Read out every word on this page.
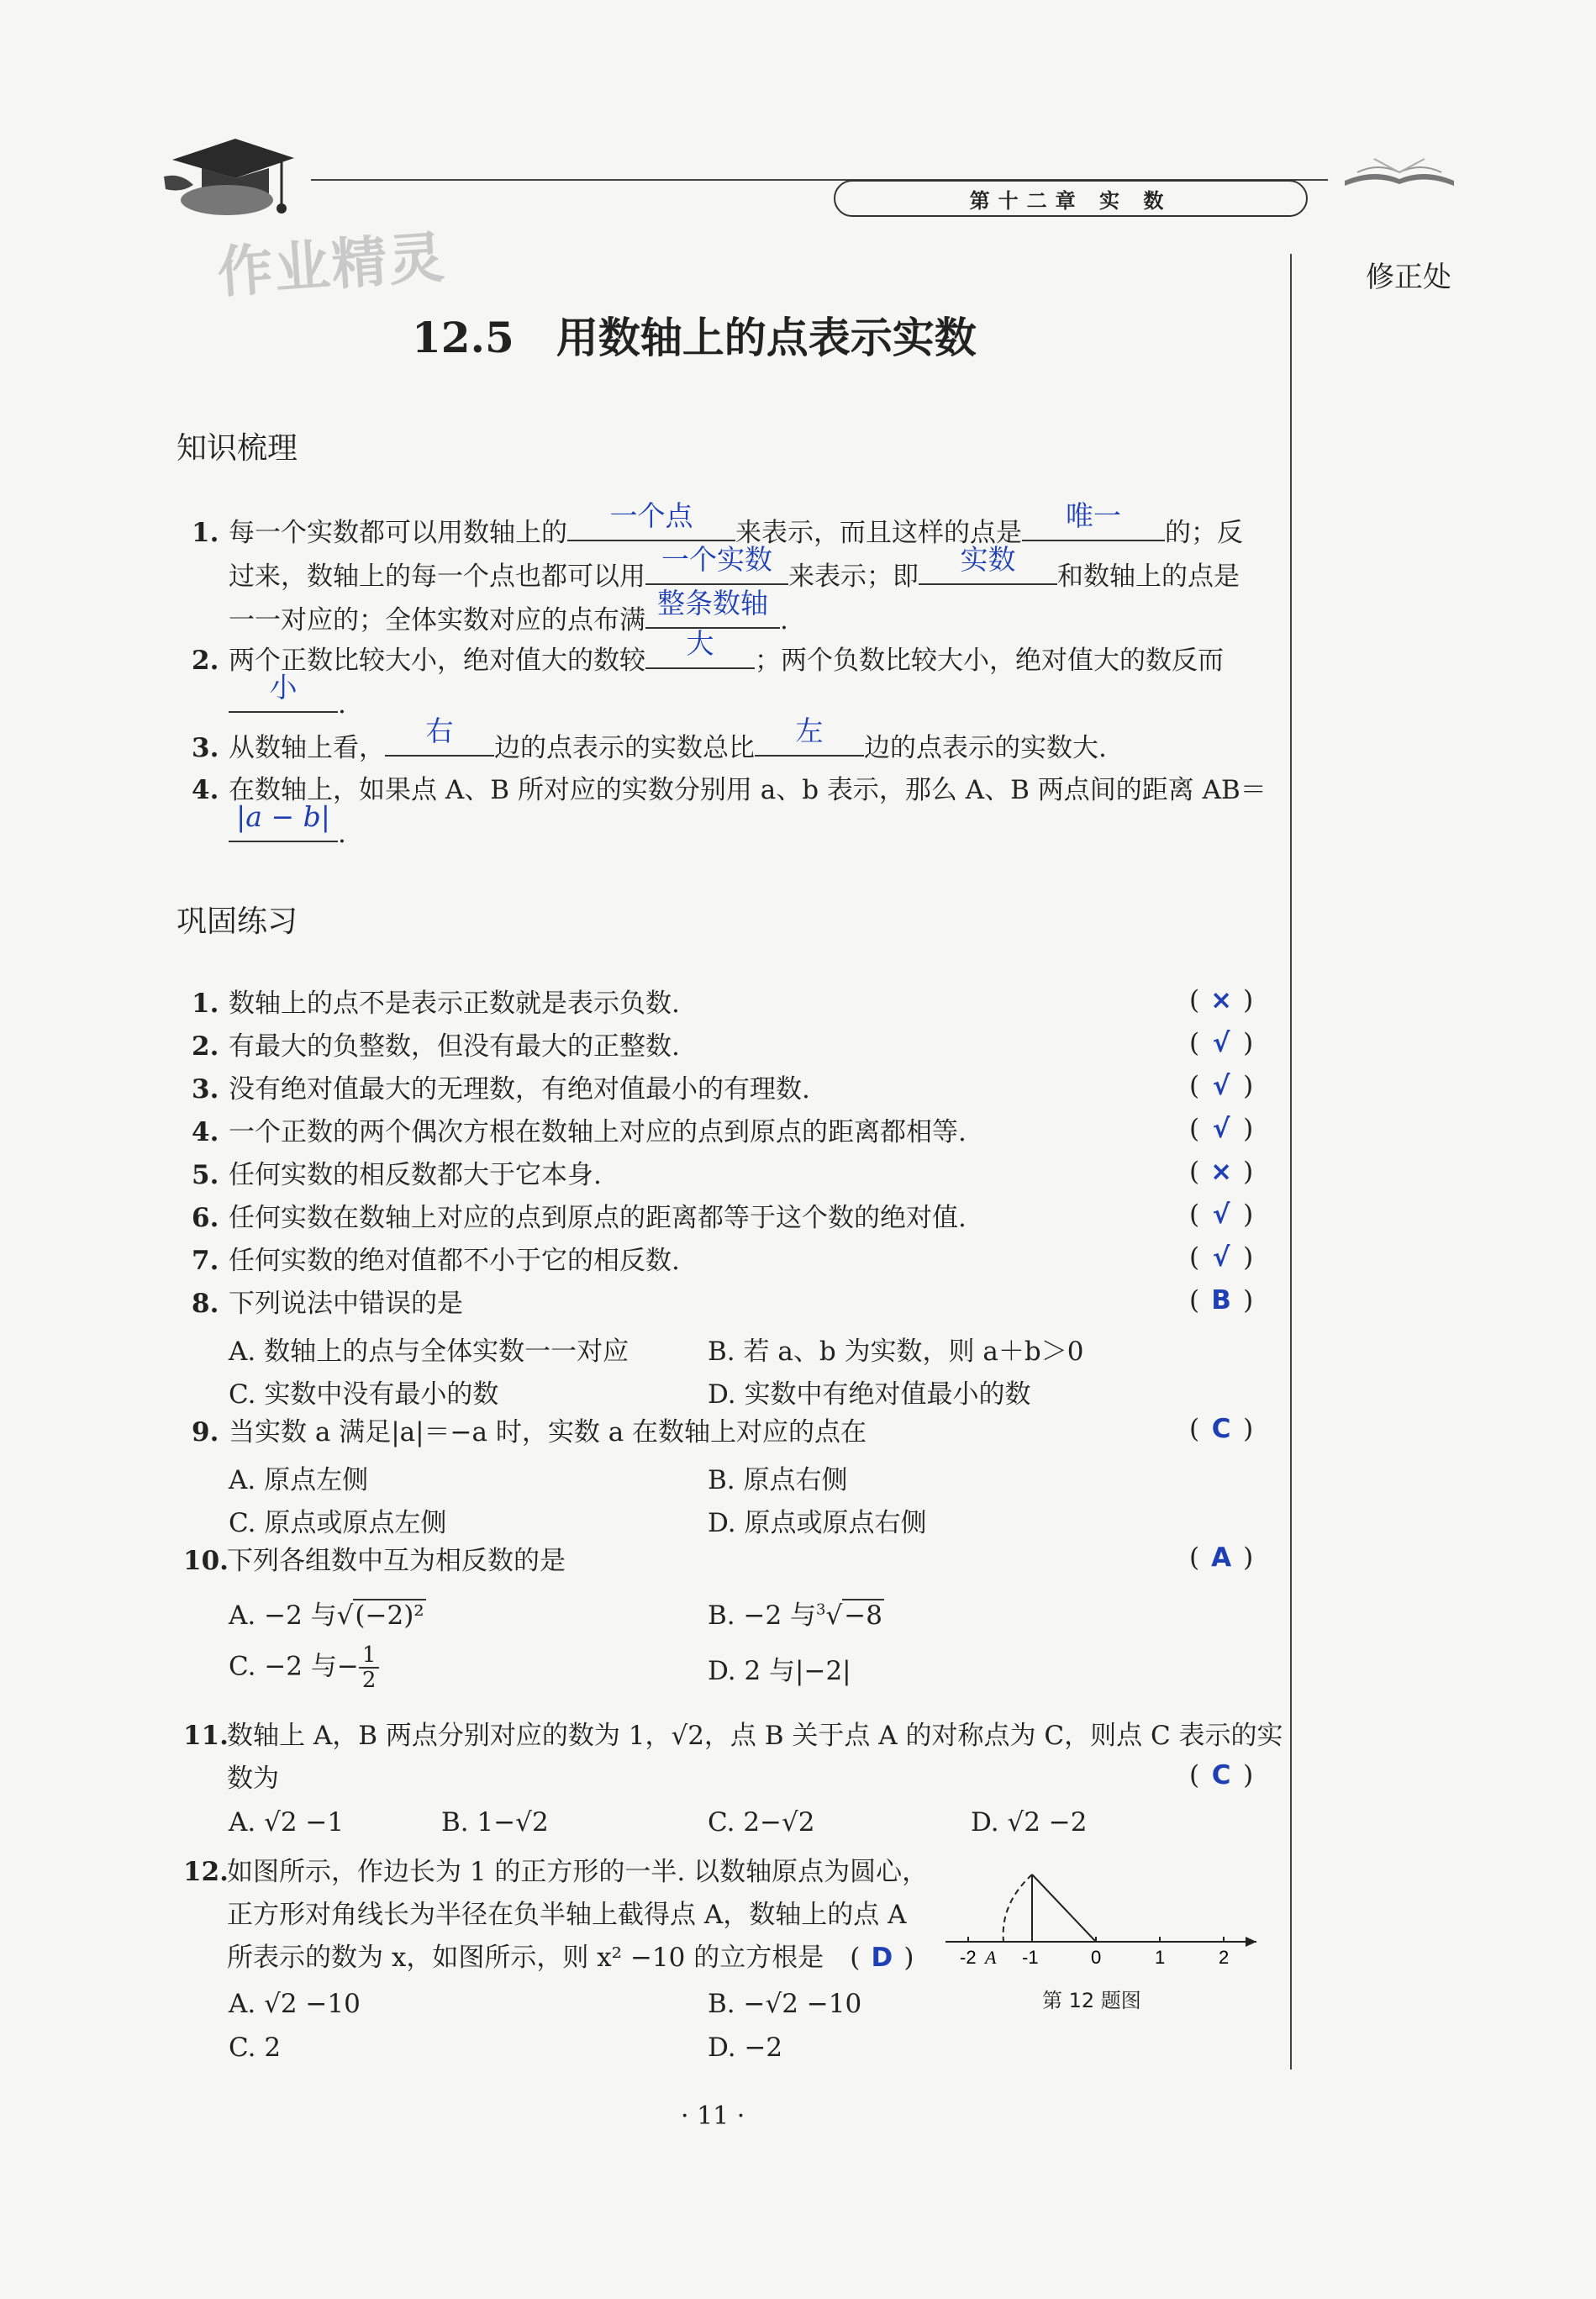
作业精灵
第十二章 实 数
修正处
12.5　用数轴上的点表示实数
知识梳理
1. 每一个实数都可以用数轴上的
一个点
来表示，而且这样的点是
唯一
的；反
过来，数轴上的每一个点也都可以用
一个实数
来表示；即
实数
和数轴上的点是
一一对应的；全体实数对应的点布满
整条数轴
.
2. 两个正数比较大小，绝对值大的数较
大
；两个负数比较大小，绝对值大的数反而
小
.
3. 从数轴上看，
右
边的点表示的实数总比
左
边的点表示的实数大.
4. 在数轴上，如果点 A、B 所对应的实数分别用 a、b 表示，那么 A、B 两点间的距离 AB＝
|a − b|
.
巩固练习
1. 数轴上的点不是表示正数就是表示负数.	( × )
2. 有最大的负整数，但没有最大的正整数.	( √ )
3. 没有绝对值最大的无理数，有绝对值最小的有理数.	( √ )
4. 一个正数的两个偶次方根在数轴上对应的点到原点的距离都相等.	( √ )
5. 任何实数的相反数都大于它本身.	( × )
6. 任何实数在数轴上对应的点到原点的距离都等于这个数的绝对值.	( √ )
7. 任何实数的绝对值都不小于它的相反数.	( √ )
8. 下列说法中错误的是	( B )
A. 数轴上的点与全体实数一一对应	B. 若 a、b 为实数，则 a＋b＞0
C. 实数中没有最小的数	D. 实数中有绝对值最小的数
9. 当实数 a 满足|a|＝−a 时，实数 a 在数轴上对应的点在	( C )
A. 原点左侧	B. 原点右侧
C. 原点或原点左侧	D. 原点或原点右侧
10.下列各组数中互为相反数的是	( A )
A. −2 与√(−2)²	B. −2 与$^3$√−8
C. −2 与− $\frac{1}{2}$	D. 2 与|−2|
11.数轴上 A，B 两点分别对应的数为 1，√2，点 B 关于点 A 的对称点为 C，则点 C 表示的实
数为	( C )
A. √2 −1	B. 1−√2	C. 2−√2	D. √2 −2
12.如图所示，作边长为 1 的正方形的一半. 以数轴原点为圆心，
正方形对角线长为半径在负半轴上截得点 A，数轴上的点 A
所表示的数为 x，如图所示，则 x² −10 的立方根是　( D )
A. √2 −10	B. −√2 −10
C. 2	D. −2
-2 A -1	0	1	2
第 12 题图
· 11 ·
